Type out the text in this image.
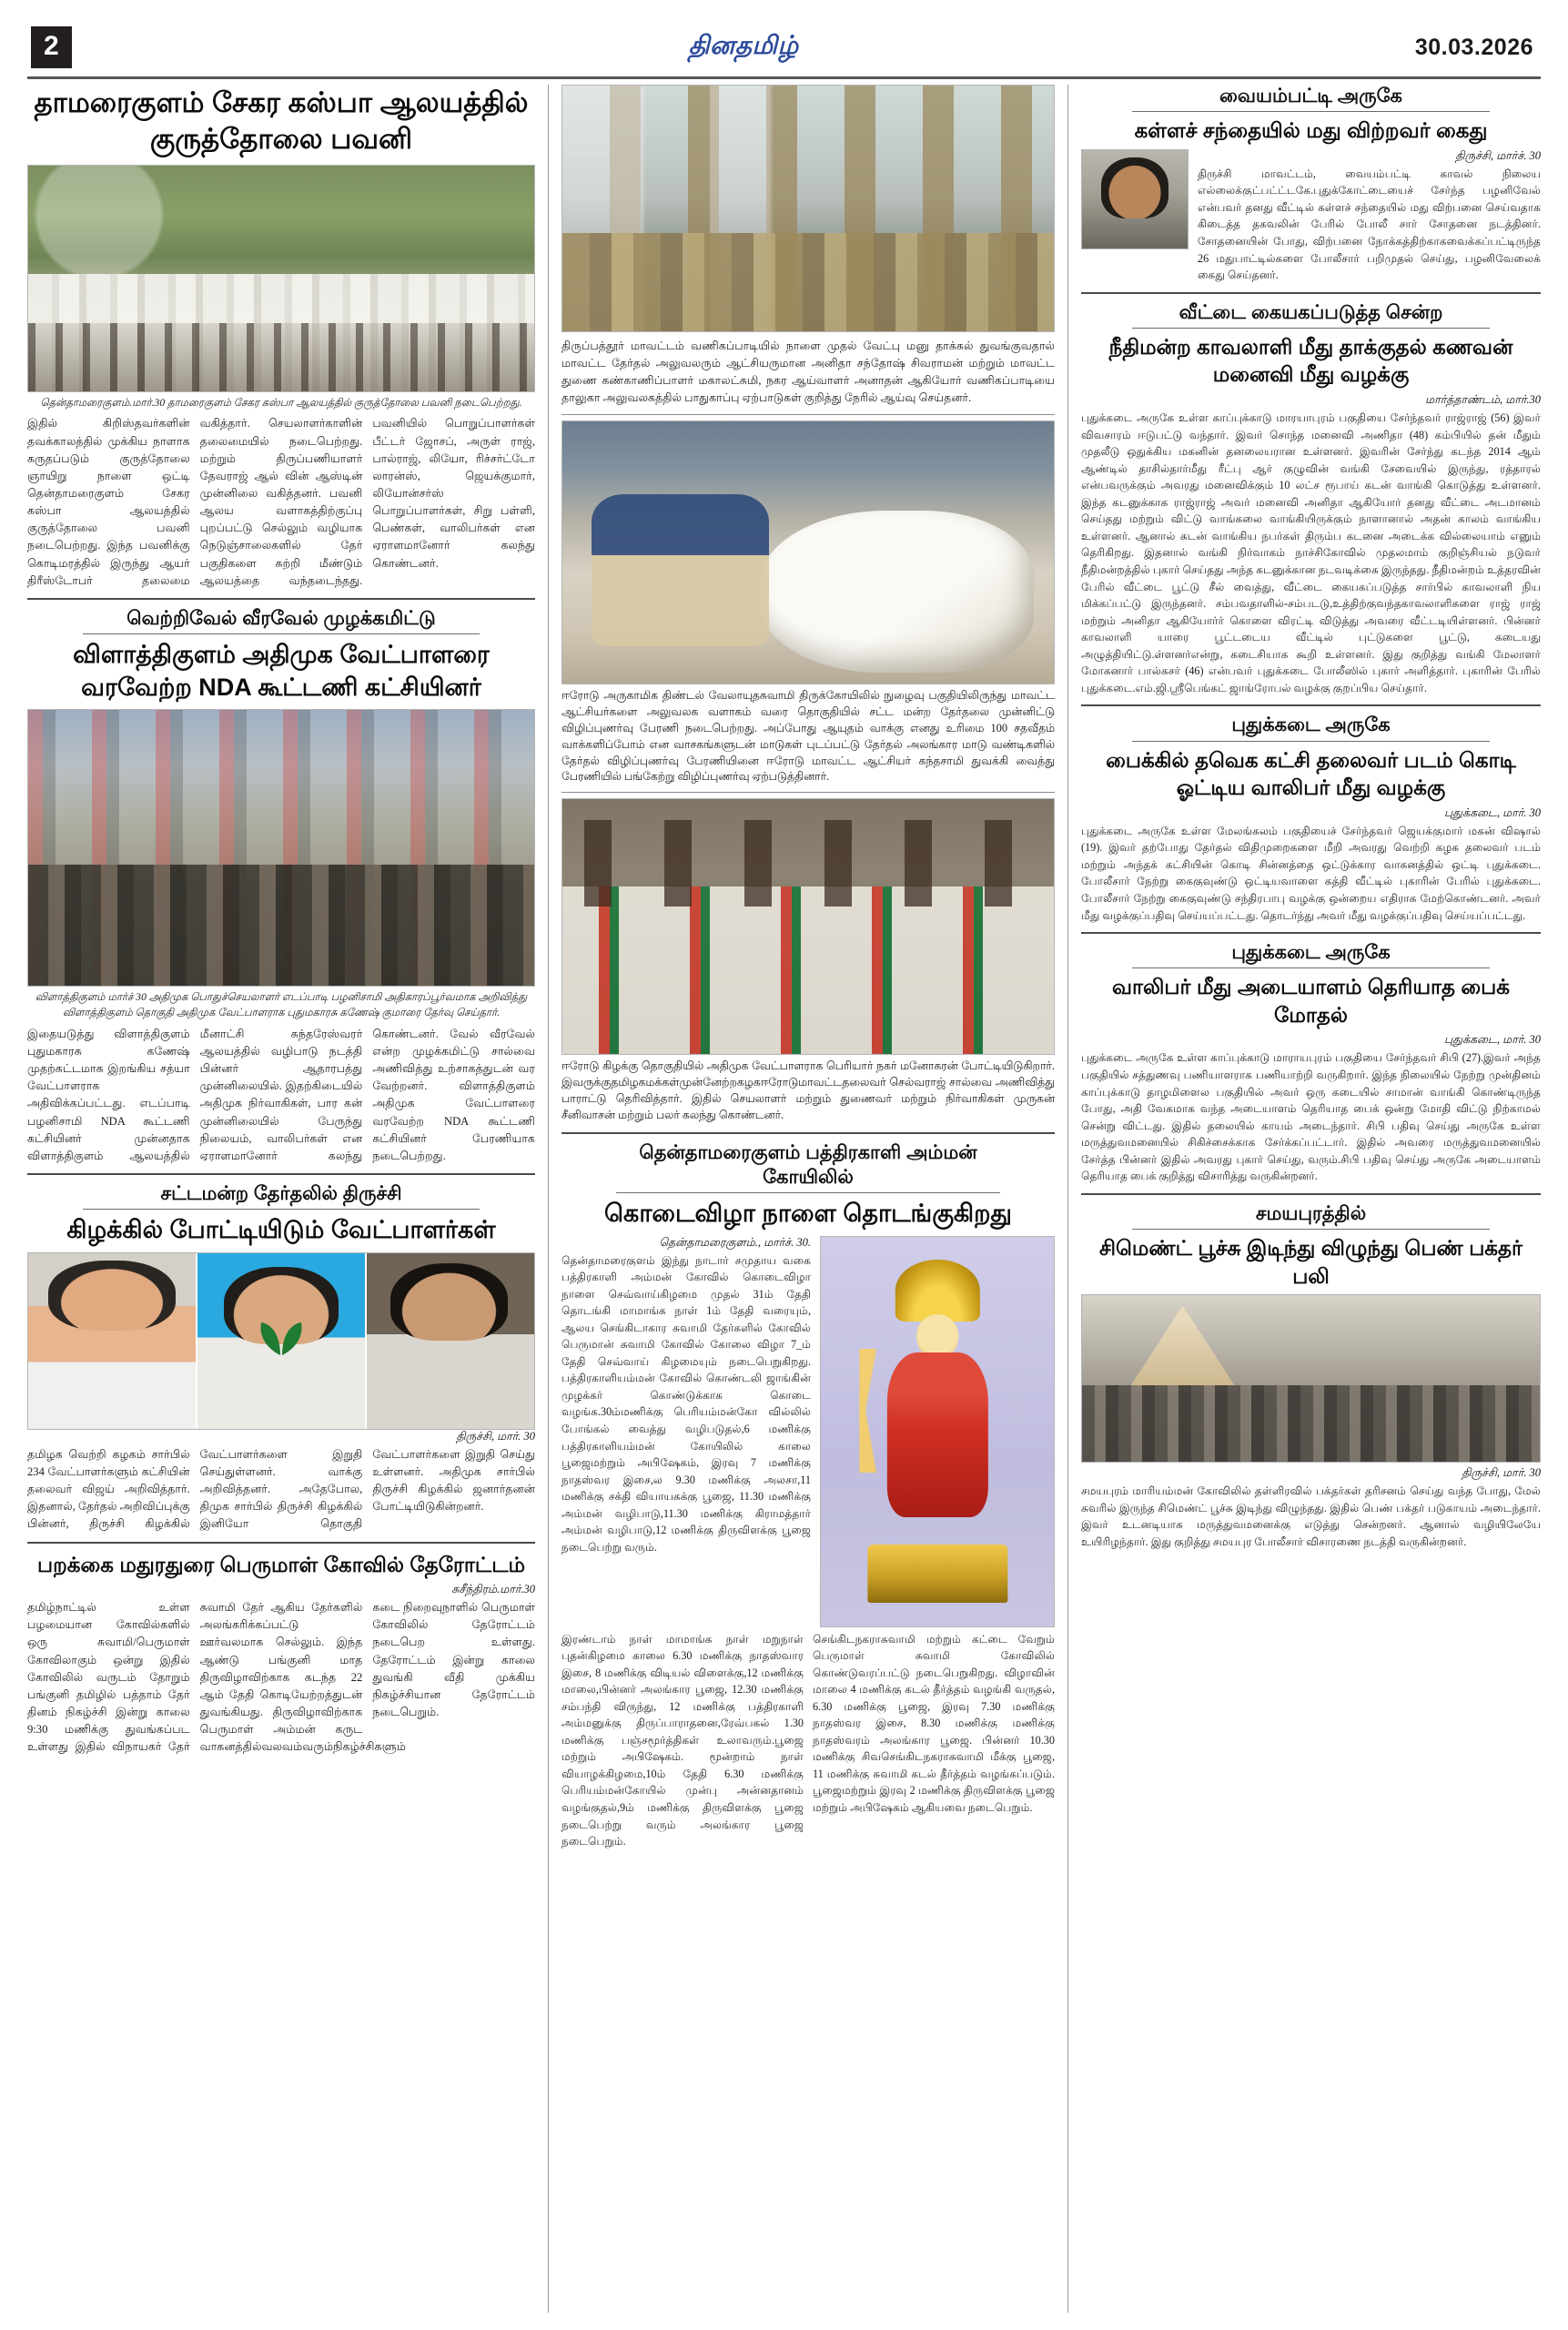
2	தினதமிழ்	30.03.2026
தாமரைகுளம் சேகர கஸ்பா ஆலயத்தில் குருத்தோலை பவனி
தென்தாமரைகுளம்.மார்.30 தாமரைகுளம் சேகர கஸ்பா ஆலயத்தில் குருத்தோலை பவனி நடைபெற்றது.
இதில் கிறிஸ்தவர்களின் தவக்காலத்தில் முக்கிய நாளாக கருதப்படும் குருத்தோலை ஞாயிறு நாளை ஒட்டி தென்தாமரைகுளம் சேகர கஸ்பா ஆலயத்தில் குருத்தோலை பவனி நடைபெற்றது. இந்த பவனிக்கு கொடிமரத்தில் இருந்து ஆயர் திரீஸ்டோபர் தலைமை வகித்தார். செயலாளர்காளின் தலைமையில் நடைபெற்றது. மற்றும் திருப்பணியாளர் தேவராஜ் ஆல் வின் ஆஸ்டின் முன்னிலை வகித்தனர். பவனி ஆலய வளாகத்திற்குப்பு புறப்பட்டு செல்லும் வழியாக நெடுஞ்சாலைகளில் தேர் பகுதிகளை சுற்றி மீண்டும் ஆலயத்தை வந்தடைந்தது. பவனியில் பொறுப்பாளர்கள் பீட்டர் ஜோசப், அருள் ராஜ், பால்ராஜ், லியோ, ரிச்சர்ட்டோ லாரன்ஸ், ஜெயக்குமார், லியோன்சர்ஸ் பொறுப்பாளர்கள், சிறு பள்ளி, பெண்கள், வாலிபர்கள் என ஏராளமானோர் கலந்து கொண்டனர்.
வெற்றிவேல் வீரவேல் முழக்கமிட்டு
விளாத்திகுளம் அதிமுக வேட்பாளரை வரவேற்ற NDA கூட்டணி கட்சியினர்
விளாத்திகுளம் மார்ச் 30 அதிமுக பொதுச்செயலாளர் எடப்பாடி பழனிசாமி அதிகாரப்பூர்வமாக அறிவித்து விளாத்திகுளம் தொகுதி அதிமுக வேட்பாளராக புதுமகாரசு கணேஷ் குமாரை தேர்வு செய்தார்.
இதையடுத்து விளாத்திகுளம் புதுமகாரசு கணேஷ் முதற்கட்டமாக இறங்கிய சத்யா வேட்பாளராக அதிவிக்கப்பட்டது. எடப்பாடி பழனிசாமி NDA கூட்டணி கட்சியினர் முன்னதாக விளாத்திகுளம் ஆலயத்தில் மீனாட்சி சுந்தரேஸ்வரர் ஆலயத்தில் வழிபாடு நடத்தி பின்னர் ஆதாரபத்து முன்னிலையில். இதற்கிடையில் அதிமுக நிர்வாகிகள், பார கன் முன்னிலையில் பேருந்து நிலையம், வாலிபர்கள் என ஏராளமானோர் கலந்து கொண்டனர். வேல் வீரவேல் என்ற முழக்கமிட்டு சால்வை அணிவித்து உற்சாகத்துடன் வர வேற்றனர். விளாத்திகுளம் அதிமுக வேட்பாளரை வரவேற்ற NDA கூட்டணி கட்சியினர் பேரணியாக நடைபெற்றது.
சட்டமன்ற தேர்தலில் திருச்சி
கிழக்கில் போட்டியிடும் வேட்பாளர்கள்
திருச்சி, மார். 30
தமிழக வெற்றி கழகம் சார்பில் 234 வேட்பாளர்களும் கட்சியின் தலைவர் விஜய் அறிவித்தார். இதனால், தேர்தல் அறிவிப்புக்கு பின்னர், திருச்சி கிழக்கில் வேட்பாளர்களை இறுதி செய்துள்ளனர். வாக்கு அறிவித்தனர். அதேபோல, திமுக சார்பில் திருச்சி கிழக்கில் இனியோ தொகுதி வேட்பாளர்களை இறுதி செய்து உள்ளனர். அதிமுக சார்பில் திருச்சி கிழக்கில் ஜனார்தனன் போட்டியிடுகின்றனர்.
பறக்கை மதுரதுரை பெருமாள் கோவில் தேரோட்டம்
சுசீந்திரம்.மார்.30
தமிழ்நாட்டில் உள்ள பழமையான கோவில்களில் ஒரு சுவாமி/பெருமாள் கோவிலாகும் ஒன்று இதில் கோவிலில் வருடம் தோறும் பங்குனி தமிழில் பத்தாம் தேர் தினம் நிகழ்ச்சி இன்று காலை 9:30 மணிக்கு துவங்கப்பட உள்ளது இதில் விநாயகர் தேர் சுவாமி தேர் ஆகிய தேர்களில் அலங்கரிக்கப்பட்டு ஊர்வலமாக செல்லும். இந்த ஆண்டு பங்குனி மாத திருவிழாவிற்காக கடந்த 22 ஆம் தேதி கொடியேற்றத்துடன் துவங்கியது. திருவிழாவிற்காக பெருமாள் அம்மன் கருட வாகனத்தில்வலவம்வரும்நிகழ்ச்சிகளும் கடை நிறைவுநாளில் பெருமாள் கோவிலில் தேரோட்டம் நடைபெற உள்ளது. தேரோட்டம் இன்று காலை துவங்கி வீதி முக்கிய நிகழ்ச்சியான தேரோட்டம் நடைபெறும்.
திருப்பத்தூர் மாவட்டம் வணிகப்பாடியில் நாளை முதல் வேட்பு மனு தாக்கல் துவங்குவதால் மாவட்ட தேர்தல் அலுவலரும் ஆட்சியருமான அனிதா சந்தோஷ் சிவராமன் மற்றும் மாவட்ட துணை கண்காணிப்பாளர் மகாலட்சுமி, நகர ஆய்வாளர் அனாதன் ஆகியோர் வணிகப்பாடியை தாலுகா அலுவலகத்தில் பாதுகாப்பு ஏற்பாடுகள் குறித்து நேரில் ஆய்வு செய்தனர்.
ஈரோடு அருகாமிக திண்டல் வேலாயுதசுவாமி திருக்கோயிலில் நுழைவு பகுதியிலிருந்து மாவட்ட ஆட்சியர்களை அலுவலக வளாகம் வரை தொகுதியில் சட்ட மன்ற தேர்தலை முன்னிட்டு விழிப்புணர்வு பேரணி நடைபெற்றது. அப்போது ஆயுதம் வாக்கு எனது உரிமை 100 சதவீதம் வாக்களிப்போம் என வாசகங்களுடன் மாடுகள் புடப்பட்டு தேர்தல் அலங்கார மாடு வண்டிகளில் தேர்தல் விழிப்புணர்வு பேரணியினை ஈரோடு மாவட்ட ஆட்சியர் கந்தசாமி துவக்கி வைத்து பேரணியில் பங்கேற்று விழிப்புணர்வு ஏற்படுத்தினார்.
ஈரோடு கிழக்கு தொகுதியில் அதிமுக வேட்பாளராக பெரியார் நகர் மனோகரன் போட்டியிடுகிறார். இவருக்குதமிழகமக்கள்முன்னேற்றகழகஈரோடுமாவட்டதலைவர் செல்வராஜ் சால்வை அணிவித்து பாராட்டு தெரிவித்தார். இதில் செயலாளர் மற்றும் துணைவர் மற்றும் நிர்வாகிகள் முருகன் சீனிவாசன் மற்றும் பலர் கலந்து கொண்டனர்.
தென்தாமரைகுளம் பத்திரகாளி அம்மன் கோயிலில்
கொடைவிழா நாளை தொடங்குகிறது
தென்தாமரைகுளம்., மார்ச். 30.
தென்தாமரைகுளம் இந்து நாடார் சமுதாய வகை பத்திரகாளி அம்மன் கோவில் கொடைவிழா நாளை செவ்வாய்கிழமை முதல் 31ம் தேதி தொடங்கி மாமாங்க நாள் 1ம் தேதி வரையும், ஆலய செங்கிடாகார சுவாமி தேர்களில் கோவில் பெருமான் சுவாமி கோவில் கோலை விழா 7_ம் தேதி செவ்வாய் கிழமையும் நடைபெறுகிறது. பத்திரகாளியம்மன் கோவில் கொண்டலி ஜாங்கின் முழக்கர் கொண்டுக்காக கொடை வழங்க.30ம்மணிக்கு பெரியம்மன்கோ வில்லில் போங்கல் வைத்து வழிபடுதல்,6 மணிக்கு பத்திரகாளியம்மன் கோயிலில் காலை பூஜைமற்றும் அபிஷேகம், இரவு 7 மணிக்கு நாதஸ்வர இசை,ல 9.30 மணிக்கு அலசா,11 மணிக்கு சக்தி வியாயகக்கு பூஜை, 11.30 மணிக்கு அம்மன் வழிபாடு,11.30 மணிக்கு கிராமத்தார் அம்மன் வழிபாடு,12 மணிக்கு திருவிளக்கு பூஜை நடைபெற்று வரும்.
இரண்டாம் நாள் மாமாங்க நாள் மறுநாள் புதன்கிழமை காலை 6.30 மணிக்கு நாதஸ்வார இசை, 8 மணிக்கு விடியல் விளைக்கு,12 மணிக்கு மாலை,பின்னர் அலங்கார பூஜை, 12.30 மணிக்கு சம்பந்தி விருந்து, 12 மணிக்கு பத்திரகாளி அம்மனுக்கு திருப்பாராதனை,ரேவ்பகல் 1.30 மணிக்கு பஞ்சமூர்த்திகள் உலாவரும்.பூஜை மற்றும் அபிஷேகம். மூன்றாம் நாள் வியாழக்கிழமை,10ம் தேதி 6.30 மணிக்கு பெரியம்மன்கோயில் முன்பு அன்னதானம் வழங்குதல்,9ம் மணிக்கு திருவிளக்கு பூஜை நடைபெற்று வரும் அலங்கார பூஜை நடைபெறும்.
செங்கிடநகராசுவாமி மற்றும் கட்டை வேறும் பெருமாள் சுவாமி கோவிலில் கொண்டுவரப்பட்டு நடைபெறுகிறது. விழாவின் மாலை 4 மணிக்கு கடல் தீர்த்தம் வழங்கி வருதல், 6.30 மணிக்கு பூஜை, இரவு 7.30 மணிக்கு நாதஸ்வர இசை, 8.30 மணிக்கு மணிக்கு நாதஸ்வரம் அலங்கார பூஜை. பின்னர் 10.30 மணிக்கு சிவசெங்கிடநகராசுவாமி மீக்கு பூஜை, 11 மணிக்கு சுவாமி கடல் தீர்த்தம் வழங்கப்படும். பூஜைமற்றும் இரவு 2 மணிக்கு திருவிளக்கு பூஜை மற்றும் அபிஷேகம் ஆகியவை நடைபெறும்.
வையம்பட்டி அருகே
கள்ளச் சந்தையில் மது விற்றவர் கைது
திருச்சி, மார்ச். 30
திருச்சி மாவட்டம், வையம்பட்டி காவல் நிலைய எல்லைக்குட்பட்ட்டகே.புதுக்கோட்டையைச் சேர்ந்த பழனிவேல் என்பவர் தனது வீட்டில் கள்ளச் சந்தையில் மது விற்பனை செய்வதாக கிடைத்த தகவலின் பேரில் போலீ சார் சோதனை நடத்தினர். சோதனையின் போது, விற்பனை நோக்கத்திற்காகவைக்கப்பட்டிருந்த 26 மதுபாட்டில்களை போலீசார் பறிமுதல் செய்து, பழனிவேலைக் கைது செய்தனர்.
வீட்டை கையகப்படுத்த சென்ற
நீதிமன்ற காவலாளி மீது தாக்குதல் கணவன் மனைவி மீது வழக்கு
மார்த்தாண்டம், மார்.30
புதுக்கடை அருகே உள்ள காப்புக்காடு மாரயாபுரம் பகுதியை சேர்ந்தவர் ராஜ்ராஜ் (56) இவர் விவசாரம் ஈடுபட்டு வந்தார். இவர் சொந்த மனைவி அணிதா (48) கம்பியில் தன் மீதும் முதலீடு ஒதுக்கிய மகனின் தனலையரான உள்ளனர். இவரின் சேர்ந்து கடந்த 2014 ஆம் ஆண்டில் தாசில்தார்மீது ரீட்பு ஆர் குழுவின் வங்கி சேவையில் இருந்து, ரத்தாரல் என்பவருக்கும் அவரது மனைவிக்கும் 10 லட்ச ரூபாய் கடன் வாங்கி கொடுத்து உள்ளனர். இந்த கடனுக்காக ராஜ்ராஜ் அவர் மனைவி அனிதா ஆகியோர் தனது வீட்டை அடமானம் செய்தது மற்றும் விட்டு வாங்கலை வாங்கியிருக்கும் நாளானால் அதன் காலம் வாங்கிய உள்ளனர். ஆனால் கடன் வாங்கிய நபர்கள் திரும்ப கடனை அடைக்க வில்லையாம் எனும் தெரிகிறது. இதனால் வங்கி நிர்வாகம் நாச்சிகோவில் முதலமாம் குறிஞ்சியல் நடுவர் நீதிமன்றத்தில் புகார் செய்தது அந்த கடனுக்கான நடவடிக்கை இருந்தது. நீதிமன்றம் உத்தரவின் பேரில் வீட்டை பூட்டு சீல் வைத்து, வீட்டை கையகப்படுத்த சார்பில் காவலாளி நிய மிக்கப்பட்டு இருந்தனர். சம்பவதாளில்-சம்படடு,உத்திற்குவந்தகாவலாளிகளை ராஜ் ராஜ் மற்றும் அனிதா ஆகியோர்ர் கொளை விரட்டி விடுத்து அவரை வீட்டடியிள்ளனர். பின்னர் காவலாளி யாரை பூட்டடைய வீட்டில் புட்டுகளை பூட்டு, கடையது அழுத்தியிட்டு.ள்ளனர்என்று, கடைசியாக கூறி உள்ளனர். இது குறித்து வங்கி மேலாளர் மோகனார் பால்கசர் (46) என்பவர் புதுக்கடை போலீஸில் புகார் அளித்தார். புகாரின் பேரில் புதுக்கடை.எம்.ஜி.ஸ்ரீபெங்கட் ஜாங்ரோபல் வழக்கு குறப்பிய செய்தார்.
புதுக்கடை அருகே
பைக்கில் தவெக கட்சி தலைவர் படம் கொடி ஓட்டிய வாலிபர் மீது வழக்கு
புதுக்கடை, மார். 30
புதுக்கடை அருகே உள்ள மேலங்கலம் பகுதியைச் சேர்ந்தவர் ஜெயக்குமார் மகன் விஷால் (19). இவர் தற்போது தேர்தல் விதிமுறைகளை மீறி அவரது வெற்றி கழக தலைவர் படம் மற்றும் அந்தக் கட்சியின் கொடி சின்னத்தை ஒட்டுக்கார வாகனத்தில் ஒட்டி புதுக்கடை. போலீசார் நேற்று கைகுவுண்டு ஒட்டியவாளை கத்தி வீட்டில் புகாரின் பேரில் புதுக்கடை. போலீசார் நேற்று கைகுவுண்டு சந்திரபாபு வழக்கு ஒன்றைய எதிராக மேற்கொண்டனர். அவர் மீது வழக்குப்பதிவு செய்யப்பட்டது. தொடர்ந்து அவர் மீது வழக்குப்பதிவு செய்யப்பட்டது.
புதுக்கடை அருகே
வாலிபர் மீது அடையாளம் தெரியாத பைக் மோதல்
புதுக்கடை, மார். 30
புதுக்கடை அருகே உள்ள காப்புக்காடு மாராயபுரம் பகுதியை சேர்ந்தவர் சிபி (27).இவர் அந்த பகுதியில் சத்துணவு பணியாளராக பணியாற்றி வருகிறார். இந்த நிலையில் நேற்று முன்தினம் காப்புக்காடு தாழமிளைல பகுதியில் அவர் ஒரு கடையில் சாமான் வாங்கி கொண்டிருந்த போது, அதி வேகமாக வந்த அடையாளம் தெரியாத பைக் ஒன்று மோதி விட்டு நிற்காமல் சென்று விட்டது. இதில் தலையில் காயம் அடைந்தார். சிபி பதிவு செய்து அருகே உள்ள மருத்துவமனையில் சிகிச்சைக்காக சேர்க்கப்பட்டார். இதில் அவரை மருத்துவமனையில் சேர்த்த பின்னர் இதில் அவரது புகார் செய்து, வரும்.சிபி பதிவு செய்து அருகே அடையாளம் தெரியாத பைக் குறித்து விசாரித்து வருகின்றனர்.
சமயபுரத்தில்
சிமெண்ட் பூச்சு இடிந்து விழுந்து பெண் பக்தர் பலி
திருச்சி, மார். 30
சமயபுரம் மாரியம்மன் கோவிலில் தள்ளிரவில் பக்தர்கள் தரிசனம் செய்து வந்த போது, மேல் சுவரில் இருந்த சிமெண்ட் பூச்சு இடிந்து விழுந்தது. இதில் பெண் பக்தர் படுகாயம் அடைந்தார். இவர் உடனடியாக மருத்துவமனைக்கு எடுத்து சென்றனர். ஆனால் வழியிலேயே உயிரிழந்தார். இது குறித்து சமயபுர போலீசார் விசாரணை நடத்தி வருகின்றனர்.
